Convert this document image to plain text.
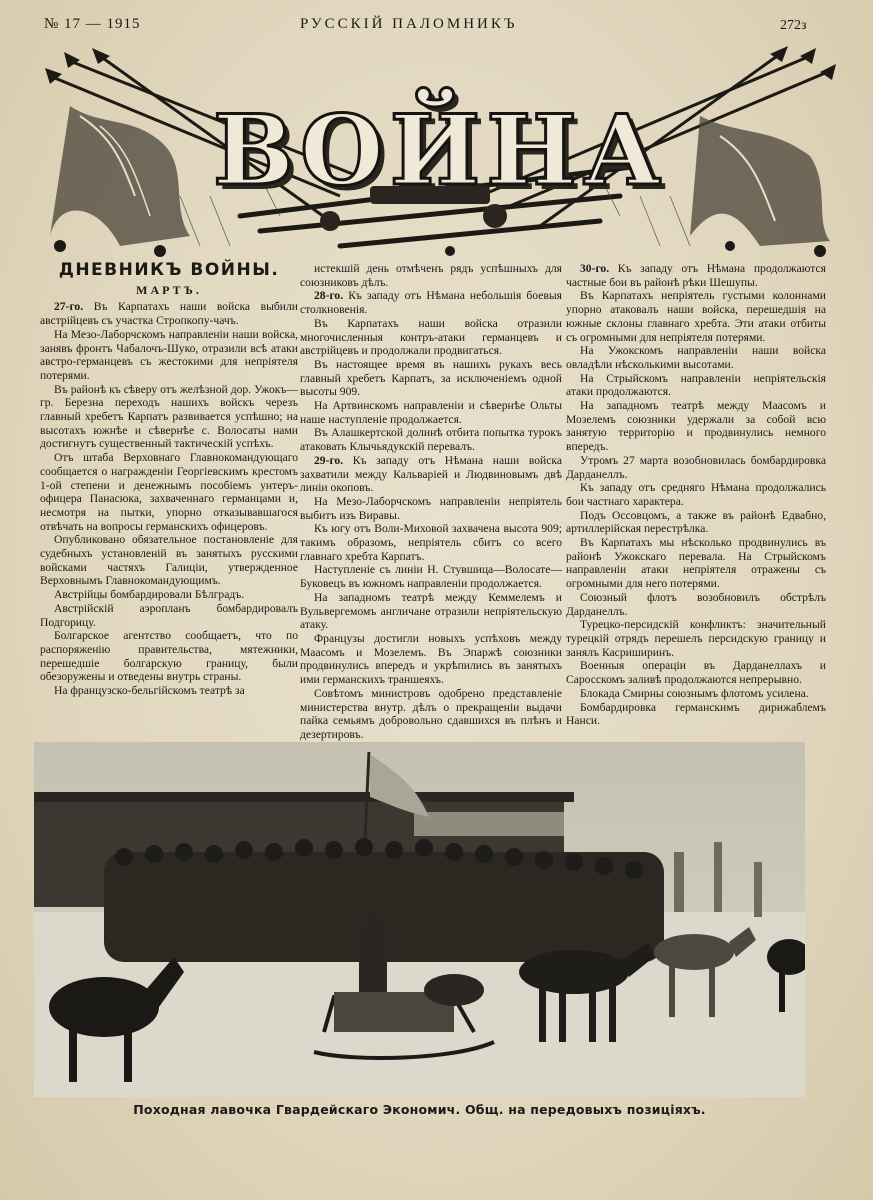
№ 17 — 1915	РУССКІЙ ПАЛОМНИКЪ	272з
ВОЙНА
ДНЕВНИКЪ ВОЙНЫ.
МАРТЪ.

27-го. Въ Карпатахъ наши войска выбили австрійцевъ съ участка Стропкопу-чачъ.

На Мезо-Лаборчскомъ направленіи наши войска, занявъ фронтъ Чабалочъ-Шуко, отразили всѣ атаки австро-германцевъ съ жестокими для непріятеля потерями.

Въ районѣ къ сѣверу отъ желѣзной дор. Ужокъ—гр. Березна переходъ нашихъ войскъ черезъ главный хребетъ Карпатъ развивается успѣшно; на высотахъ южнѣе и сѣвернѣе с. Волосаты нами достигнутъ существенный тактическій успѣхъ.

Отъ штаба Верховнаго Главнокомандующаго сообщается о награжденіи Георгіевскимъ крестомъ 1-ой степени и денежнымъ пособіемъ унтеръ-офицера Панасюка, захваченнаго германцами и, несмотря на пытки, упорно отказывавшагося отвѣчать на вопросы германскихъ офицеровъ.

Опубликовано обязательное постановленіе для судебныхъ установленій въ занятыхъ русскими войсками частяхъ Галиціи, утвержденное Верховнымъ Главнокомандующимъ.

Австрійцы бомбардировали Бѣлградъ.

Австрійскій аэропланъ бомбардировалъ Подгорицу.

Болгарское агентство сообщаетъ, что по распоряженію правительства, мятежники, перешедшіе болгарскую границу, были обезоружены и отведены внутрь страны.

На французско-бельгійскомъ театрѣ за

истекшій день отмѣченъ рядъ успѣшныхъ для союзниковъ дѣлъ.

28-го. Къ западу отъ Нѣмана небольшія боевыя столкновенія.

Въ Карпатахъ наши войска отразили многочисленныя контръ-атаки германцевъ и австрійцевъ и продолжали продвигаться.

Въ настоящее время въ нашихъ рукахъ весь главный хребетъ Карпатъ, за исключеніемъ одной высоты 909.

На Артвинскомъ направленіи и сѣвернѣе Ольты наше наступленіе продолжается.

Въ Алашкертской долинѣ отбита попытка турокъ атаковать Клычьядукскій перевалъ.

29-го. Къ западу отъ Нѣмана наши войска захватили между Кальваріей и Людвиновымъ двѣ линіи окоповъ.

На Мезо-Лаборчскомъ направленіи непріятель выбитъ изъ Виравы.

Къ югу отъ Воли-Миховой захвачена высота 909; такимъ образомъ, непріятель сбитъ со всего главнаго хребта Карпатъ.

Наступленіе съ линіи Н. Стувшица—Волосате—Буковецъ въ южномъ направленіи продолжается.

На западномъ театрѣ между Кеммелемъ и Вульвергемомъ англичане отразили непріятельскую атаку.

Французы достигли новыхъ успѣховъ между Маасомъ и Мозелемъ. Въ Эпаржѣ союзники продвинулись впередъ и укрѣпились въ занятыхъ ими германскихъ траншеяхъ.

Совѣтомъ министровъ одобрено представленіе министерства внутр. дѣлъ о прекращеніи выдачи пайка семьямъ добровольно сдавшихся въ плѣнъ и дезертировъ.

30-го. Къ западу отъ Нѣмана продолжаются частные бои въ районѣ рѣки Шешупы.

Въ Карпатахъ непріятель густыми колоннами упорно атаковалъ наши войска, перешедшія на южные склоны главнаго хребта. Эти атаки отбиты съ огромными для непріятеля потерями.

На Ужокскомъ направленіи наши войска овладѣли нѣсколькими высотами.

На Стрыйскомъ направленіи непріятельскія атаки продолжаются.

На западномъ театрѣ между Маасомъ и Мозелемъ союзники удержали за собой всю занятую территорію и продвинулись немного впередъ.

Утромъ 27 марта возобновилась бомбардировка Дарданеллъ.

Къ западу отъ средняго Нѣмана продолжались бои частнаго характера.

Подъ Оссовцомъ, а также въ районѣ Едвабно, артиллерійская перестрѣлка.

Въ Карпатахъ мы нѣсколько продвинулись въ районѣ Ужокскаго перевала. На Стрыйскомъ направленіи атаки непріятеля отражены съ огромными для него потерями.

Союзный флотъ возобновилъ обстрѣлъ Дарданеллъ.

Турецко-персидскій конфликтъ: значительный турецкій отрядъ перешелъ персидскую границу и занялъ Касриширинъ.

Военныя операціи въ Дарданеллахъ и Саросскомъ заливѣ продолжаются непрерывно.

Блокада Смирны союзнымъ флотомъ усилена.

Бомбардировка германскимъ дирижаблемъ Нанси.

Походная лавочка Гвардейскаго Экономич. Общ. на передовыхъ позиціяхъ.
